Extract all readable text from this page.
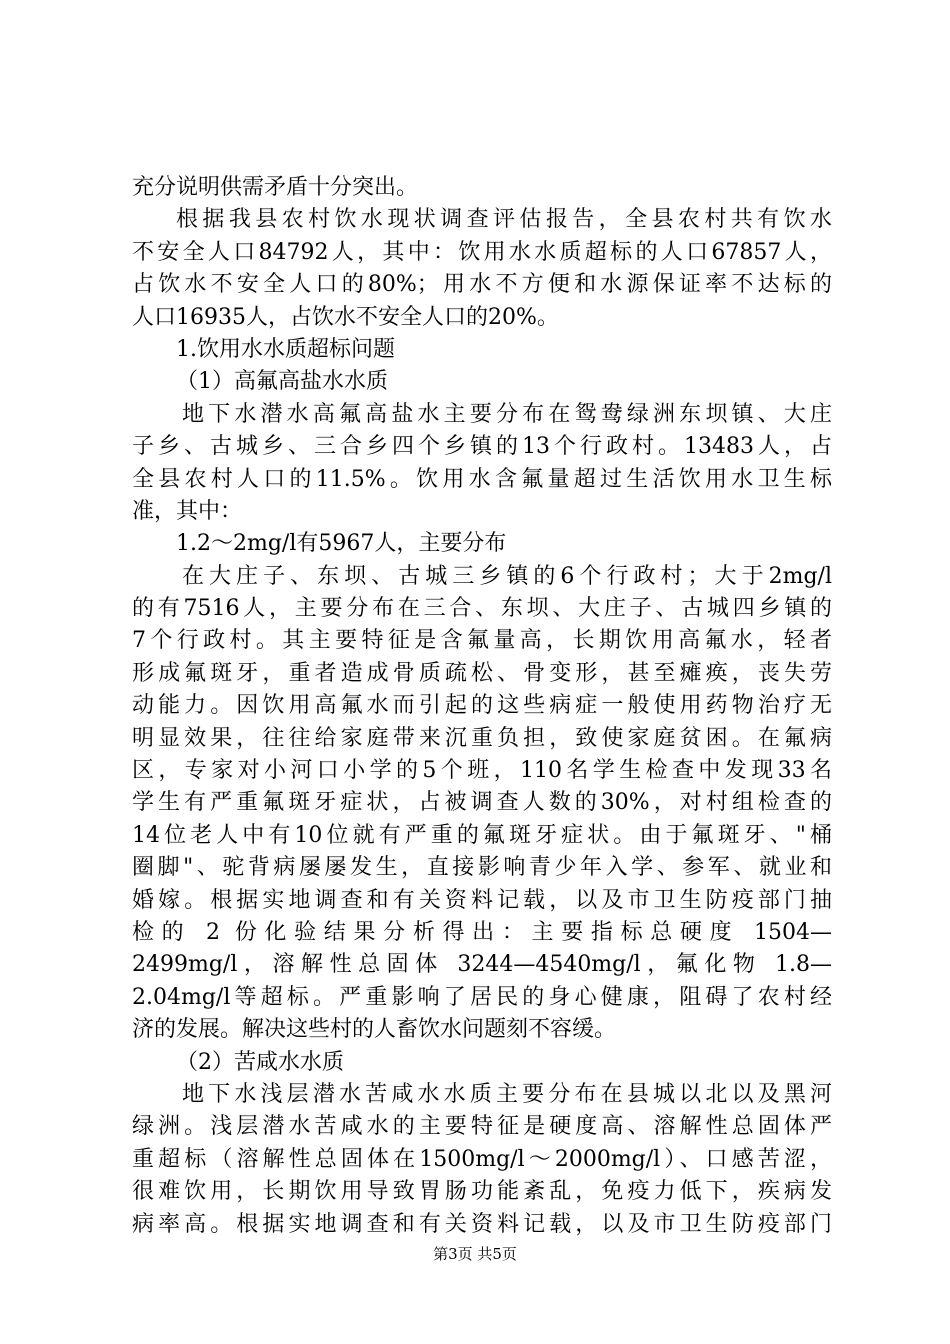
充分说明供需矛盾十分突出。
根据我县农村饮水现状调查评估报告，全县农村共有饮水
不安全人口84792人，其中：饮用水水质超标的人口67857人，
占饮水不安全人口的80%；用水不方便和水源保证率不达标的
人口16935人，占饮水不安全人口的20%。
1.饮用水水质超标问题
（1）高氟高盐水水质
地下水潜水高氟高盐水主要分布在鸳鸯绿洲东坝镇、大庄
子乡、古城乡、三合乡四个乡镇的13个行政村。13483人，占
全县农村人口的11.5%。饮用水含氟量超过生活饮用水卫生标
准，其中：
1.2～2mg/l有5967人，主要分布
在大庄子、东坝、古城三乡镇的6个行政村；大于2mg/l
的有7516人，主要分布在三合、东坝、大庄子、古城四乡镇的
7个行政村。其主要特征是含氟量高，长期饮用高氟水，轻者
形成氟斑牙，重者造成骨质疏松、骨变形，甚至瘫痪，丧失劳
动能力。因饮用高氟水而引起的这些病症一般使用药物治疗无
明显效果，往往给家庭带来沉重负担，致使家庭贫困。在氟病
区，专家对小河口小学的5个班，110名学生检查中发现33名
学生有严重氟斑牙症状，占被调查人数的30%，对村组检查的
14位老人中有10位就有严重的氟斑牙症状。由于氟斑牙、"桶
圈脚"、驼背病屡屡发生，直接影响青少年入学、参军、就业和
婚嫁。根据实地调查和有关资料记载，以及市卫生防疫部门抽
检的 2 份化验结果分析得出：主要指标总硬度 1504—
2499mg/l，溶解性总固体 3244—4540mg/l，氟化物 1.8—
2.04mg/l等超标。严重影响了居民的身心健康，阻碍了农村经
济的发展。解决这些村的人畜饮水问题刻不容缓。
（2）苦咸水水质
地下水浅层潜水苦咸水水质主要分布在县城以北以及黑河
绿洲。浅层潜水苦咸水的主要特征是硬度高、溶解性总固体严
重超标（溶解性总固体在1500mg/l～2000mg/l）、口感苦涩，
很难饮用，长期饮用导致胃肠功能紊乱，免疫力低下，疾病发
病率高。根据实地调查和有关资料记载，以及市卫生防疫部门
第3页 共5页
